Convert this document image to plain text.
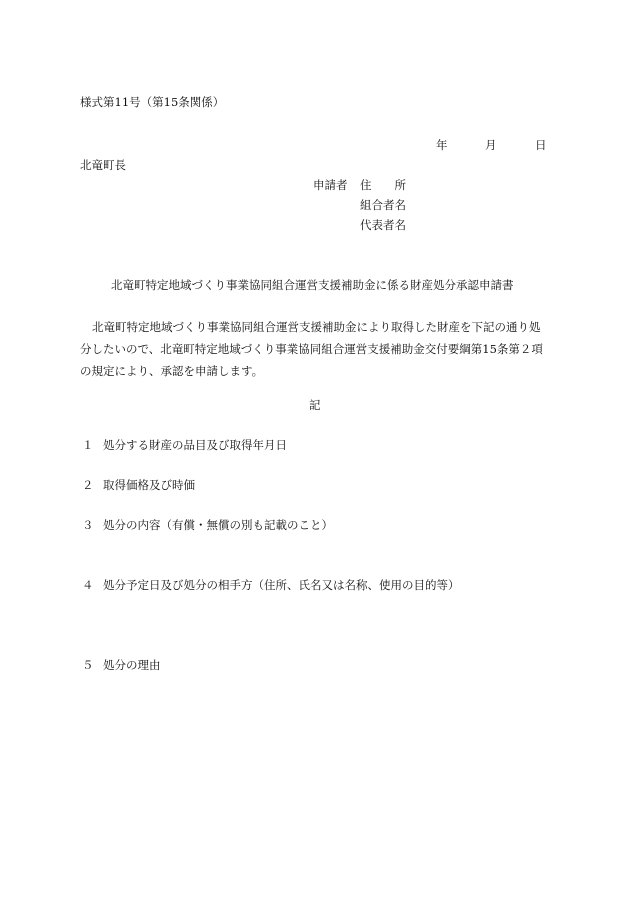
様式第11号（第15条関係）
年	月	日
北竜町長
申請者 住　　所
組合者名
代表者名
北竜町特定地域づくり事業協同組合運営支援補助金に係る財産処分承認申請書

北竜町特定地域づくり事業協同組合運営支援補助金により取得した財産を下記の通り処分したいので、北竜町特定地域づくり事業協同組合運営支援補助金交付要綱第15条第２項の規定により、承認を申請します。

記
１ 処分する財産の品目及び取得年月日
２ 取得価格及び時価
３ 処分の内容（有償・無償の別も記載のこと）
４ 処分予定日及び処分の相手方（住所、氏名又は名称、使用の目的等）
５ 処分の理由
